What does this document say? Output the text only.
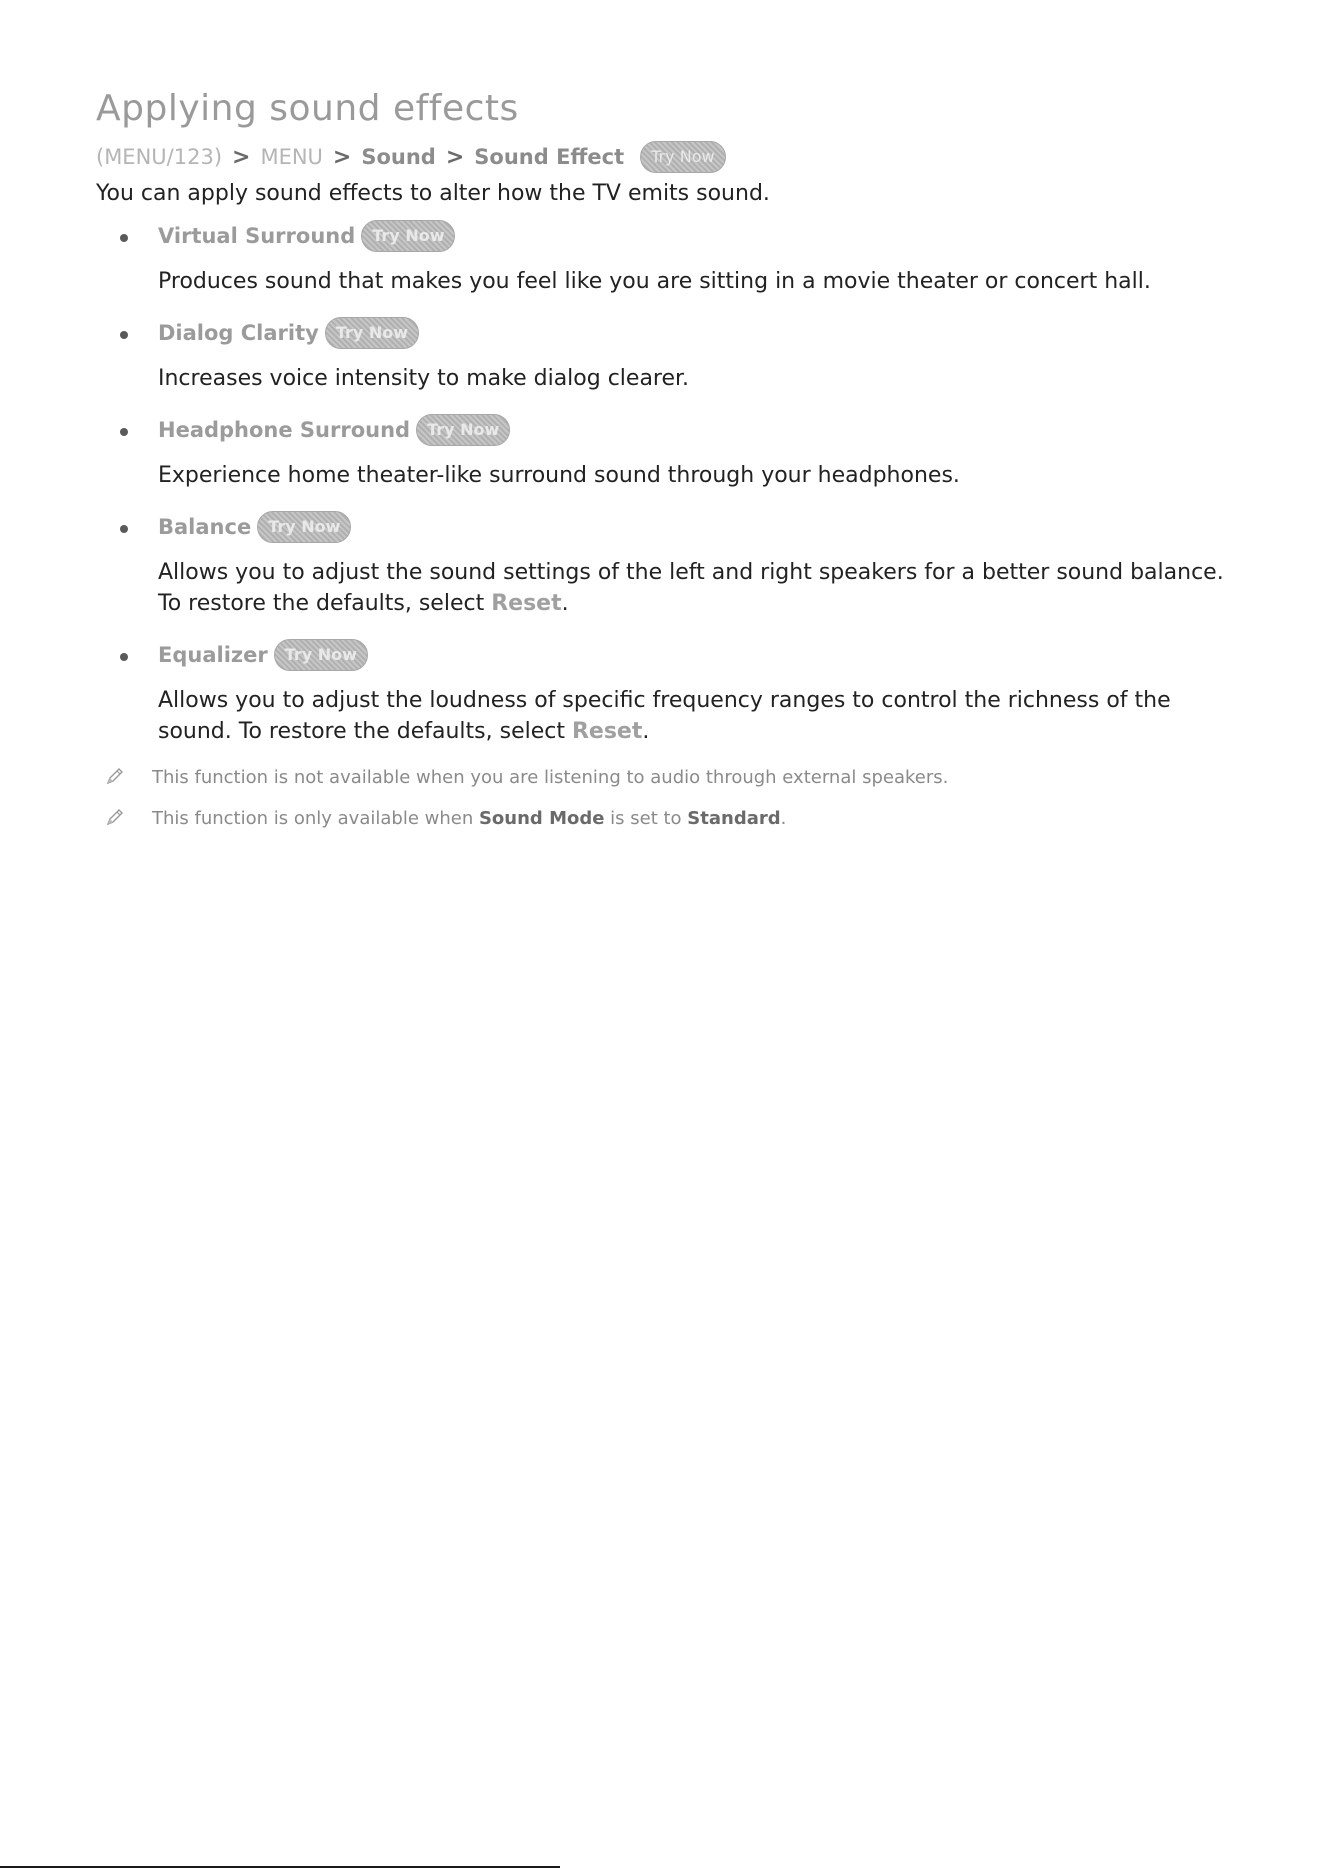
Applying sound effects
(MENU/123) > MENU > Sound > Sound Effect	Try Now

You can apply sound effects to alter how the TV emits sound.

Virtual Surround	Try Now
Produces sound that makes you feel like you are sitting in a movie theater or concert hall.
Dialog Clarity	Try Now
Increases voice intensity to make dialog clearer.
Headphone Surround	Try Now
Experience home theater-like surround sound through your headphones.
Balance	Try Now
Allows you to adjust the sound settings of the left and right speakers for a better sound balance. To restore the defaults, select Reset.
Equalizer	Try Now
Allows you to adjust the loudness of specific frequency ranges to control the richness of the sound. To restore the defaults, select Reset.
This function is not available when you are listening to audio through external speakers.
This function is only available when Sound Mode is set to Standard.
